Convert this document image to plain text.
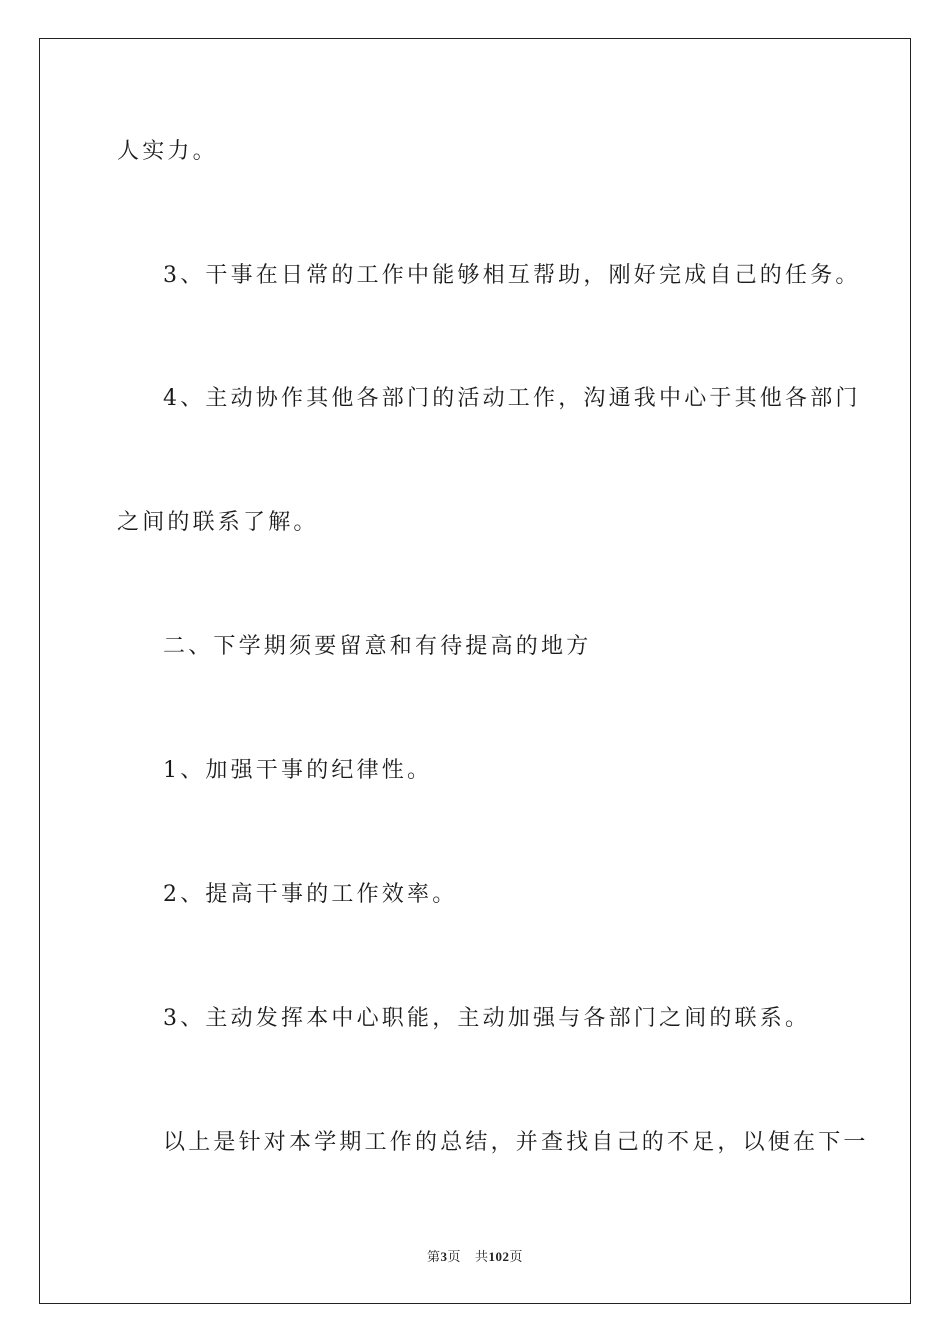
人实力。
3、干事在日常的工作中能够相互帮助，刚好完成自己的任务。
4、主动协作其他各部门的活动工作，沟通我中心于其他各部门
之间的联系了解。
二、下学期须要留意和有待提高的地方
1、加强干事的纪律性。
2、提高干事的工作效率。
3、主动发挥本中心职能，主动加强与各部门之间的联系。
以上是针对本学期工作的总结，并查找自己的不足，以便在下一
第3页 共102页
